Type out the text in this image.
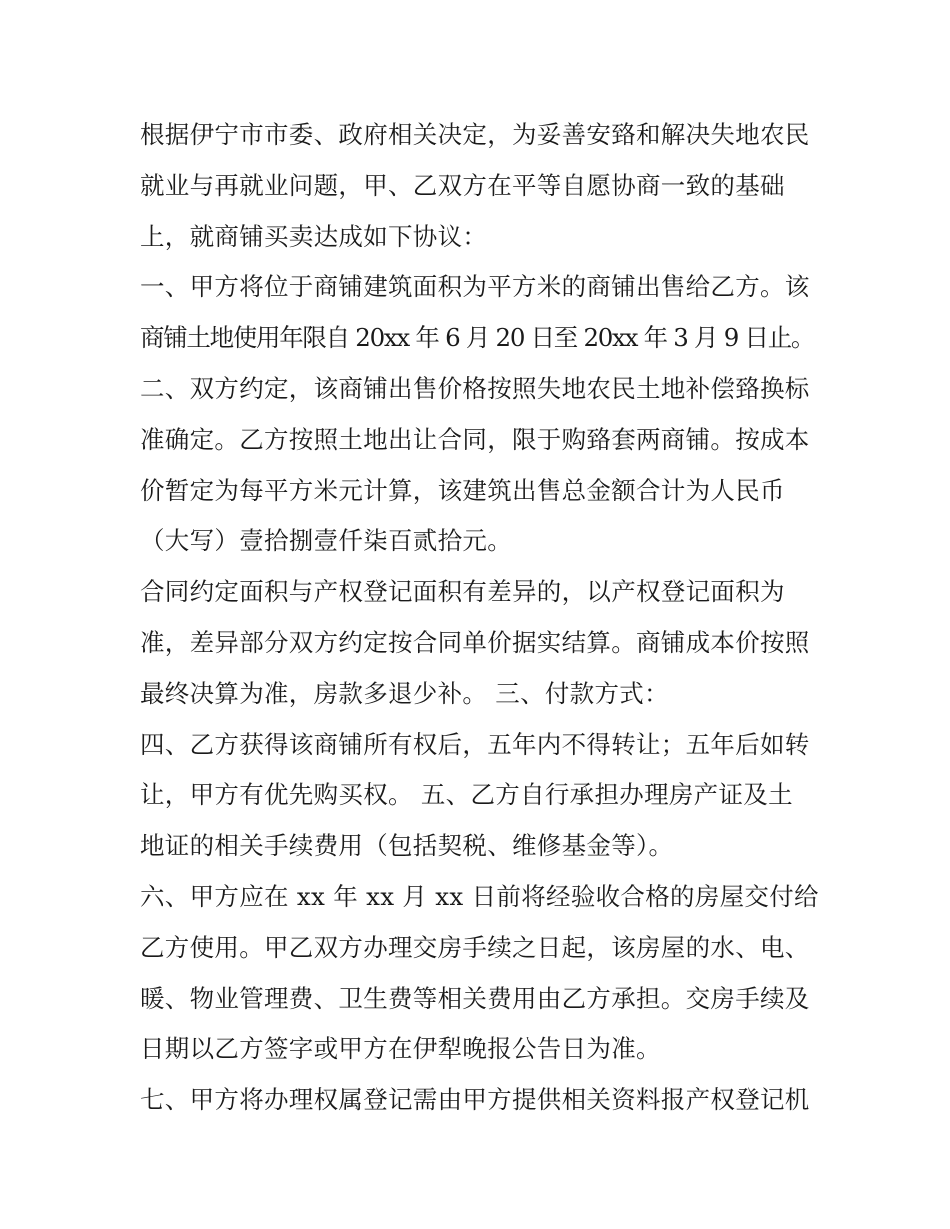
根据伊宁市市委、政府相关决定，为妥善安臵和解决失地农民
就业与再就业问题，甲、乙双方在平等自愿协商一致的基础
上，就商铺买卖达成如下协议：
一、甲方将位于商铺建筑面积为平方米的商铺出售给乙方。该
商铺土地使用年限自 20xx 年 6 月 20 日至 20xx 年 3 月 9 日止。
二、双方约定，该商铺出售价格按照失地农民土地补偿臵换标
准确定。乙方按照土地出让合同，限于购臵套两商铺。按成本
价暂定为每平方米元计算，该建筑出售总金额合计为人民币
（大写）壹拾捌壹仟柒百贰拾元。
合同约定面积与产权登记面积有差异的，以产权登记面积为
准，差异部分双方约定按合同单价据实结算。商铺成本价按照
最终决算为准，房款多退少补。 三、付款方式：
四、乙方获得该商铺所有权后，五年内不得转让；五年后如转
让，甲方有优先购买权。 五、乙方自行承担办理房产证及土
地证的相关手续费用（包括契税、维修基金等）。
六、甲方应在 xx 年 xx 月 xx 日前将经验收合格的房屋交付给
乙方使用。甲乙双方办理交房手续之日起，该房屋的水、电、
暖、物业管理费、卫生费等相关费用由乙方承担。交房手续及
日期以乙方签字或甲方在伊犁晚报公告日为准。
七、甲方将办理权属登记需由甲方提供相关资料报产权登记机
